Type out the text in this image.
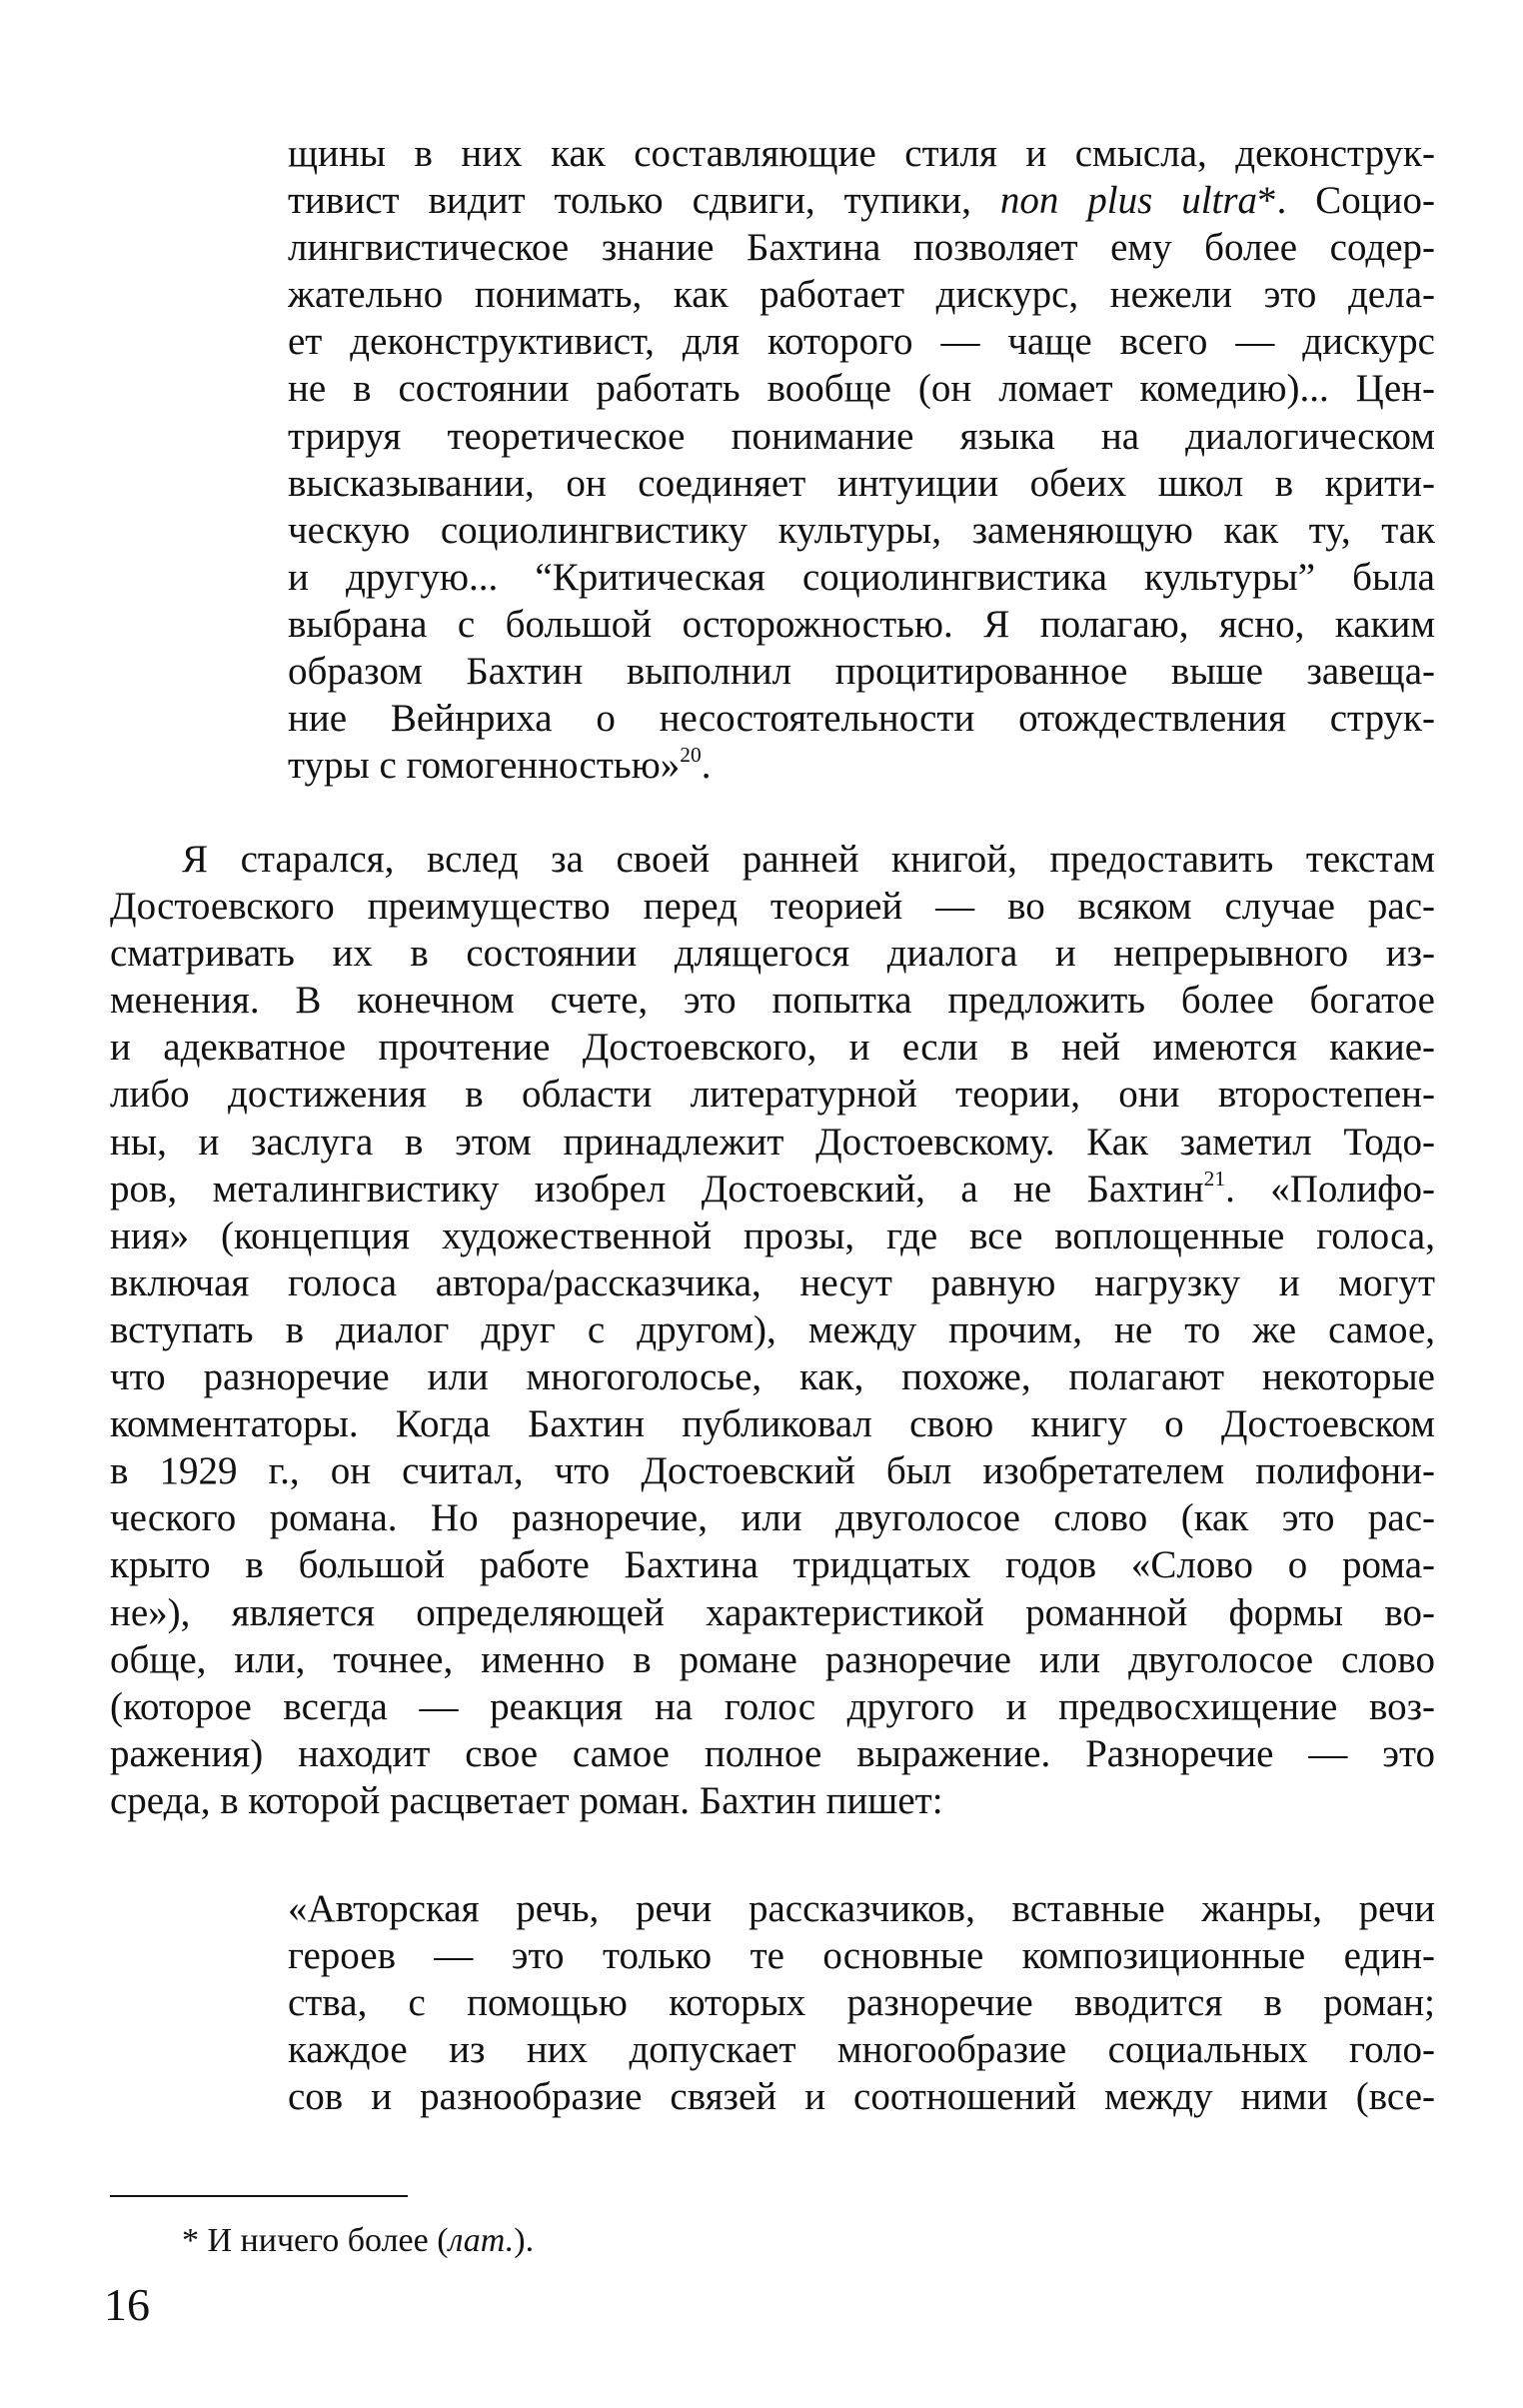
щины в них как составляющие стиля и смысла, деконструк-
тивист видит только сдвиги, тупики, non plus ultra*. Социо-
лингвистическое знание Бахтина позволяет ему более содер-
жательно понимать, как работает дискурс, нежели это дела-
ет деконструктивист, для которого — чаще всего — дискурс
не в состоянии работать вообще (он ломает комедию)... Цен-
трируя теоретическое понимание языка на диалогическом
высказывании, он соединяет интуиции обеих школ в крити-
ческую социолингвистику культуры, заменяющую как ту, так
и другую... “Критическая социолингвистика культуры” была
выбрана с большой осторожностью. Я полагаю, ясно, каким
образом Бахтин выполнил процитированное выше завеща-
ние Вейнриха о несостоятельности отождествления струк-
туры с гомогенностью»$^{20}$.
Я старался, вслед за своей ранней книгой, предоставить текстам
Достоевского преимущество перед теорией — во всяком случае рас-
сматривать их в состоянии длящегося диалога и непрерывного из-
менения. В конечном счете, это попытка предложить более богатое
и адекватное прочтение Достоевского, и если в ней имеются какие-
либо достижения в области литературной теории, они второстепен-
ны, и заслуга в этом принадлежит Достоевскому. Как заметил Тодо-
ров, металингвистику изобрел Достоевский, а не Бахтин$^{21}$. «Полифо-
ния» (концепция художественной прозы, где все воплощенные голоса,
включая голоса автора/рассказчика, несут равную нагрузку и могут
вступать в диалог друг с другом), между прочим, не то же самое,
что разноречие или многоголосье, как, похоже, полагают некоторые
комментаторы. Когда Бахтин публиковал свою книгу о Достоевском
в 1929 г., он считал, что Достоевский был изобретателем полифони-
ческого романа. Но разноречие, или двуголосое слово (как это рас-
крыто в большой работе Бахтина тридцатых годов «Слово о рома-
не»), является определяющей характеристикой романной формы во-
обще, или, точнее, именно в романе разноречие или двуголосое слово
(которое всегда — реакция на голос другого и предвосхищение воз-
ражения) находит свое самое полное выражение. Разноречие — это
среда, в которой расцветает роман. Бахтин пишет:
«Авторская речь, речи рассказчиков, вставные жанры, речи
героев — это только те основные композиционные един-
ства, с помощью которых разноречие вводится в роман;
каждое из них допускает многообразие социальных голо-
сов и разнообразие связей и соотношений между ними (все-
* И ничего более (лат.).
16
